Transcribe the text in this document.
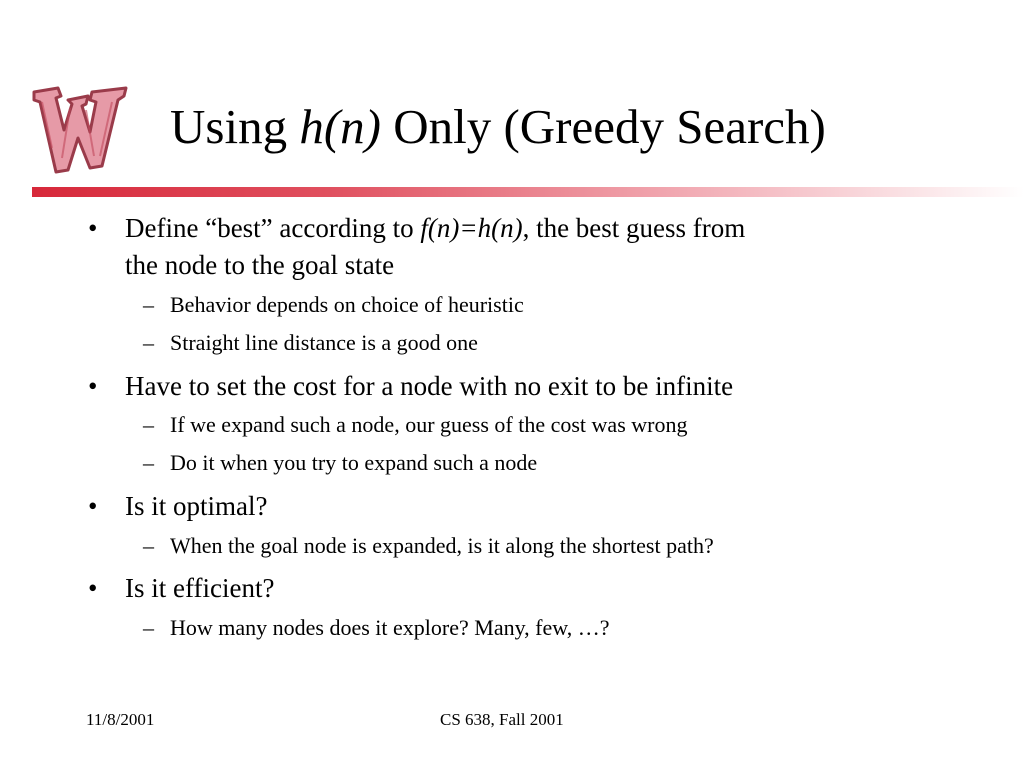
Using h(n) Only (Greedy Search)
• Define “best” according to f(n)=h(n), the best guess from
the node to the goal state
– Behavior depends on choice of heuristic
– Straight line distance is a good one
• Have to set the cost for a node with no exit to be infinite
– If we expand such a node, our guess of the cost was wrong
– Do it when you try to expand such a node
• Is it optimal?
– When the goal node is expanded, is it along the shortest path?
• Is it efficient?
– How many nodes does it explore? Many, few, …?
11/8/2001	CS 638, Fall 2001
